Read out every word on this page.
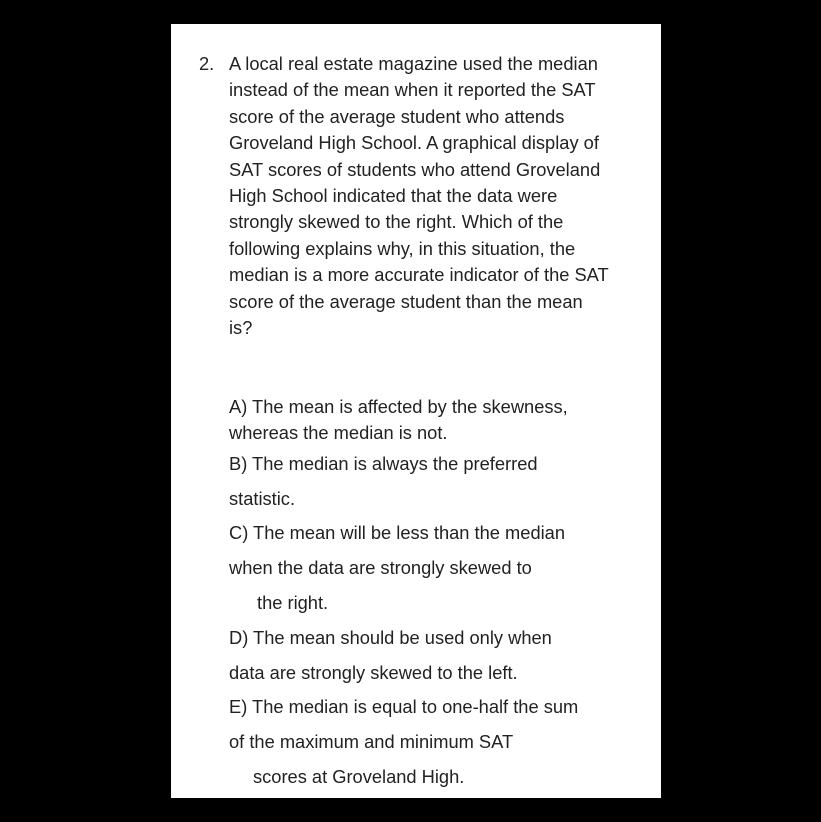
2. A local real estate magazine used the median instead of the mean when it reported the SAT score of the average student who attends Groveland High School. A graphical display of SAT scores of students who attend Groveland High School indicated that the data were strongly skewed to the right. Which of the following explains why, in this situation, the median is a more accurate indicator of the SAT score of the average student than the mean is?

A) The mean is affected by the skewness, whereas the median is not.

B) The median is always the preferred
statistic.
C) The mean will be less than the median
when the data are strongly skewed to
the right.
D) The mean should be used only when
data are strongly skewed to the left.
E) The median is equal to one-half the sum
of the maximum and minimum SAT
scores at Groveland High.
